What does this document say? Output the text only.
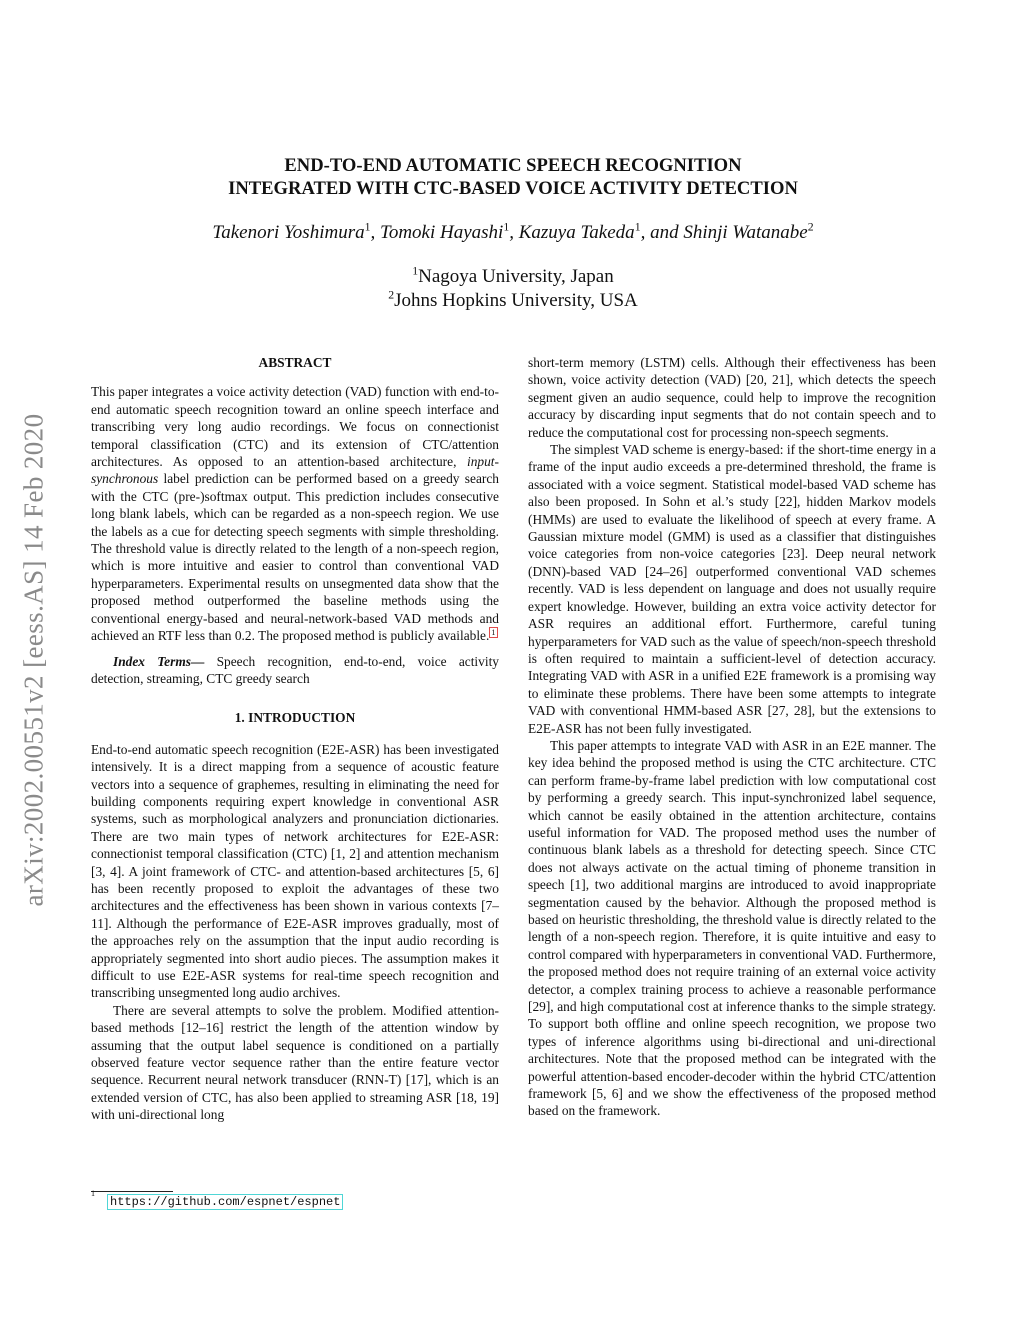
arXiv:2002.00551v2 [eess.AS] 14 Feb 2020
END-TO-END AUTOMATIC SPEECH RECOGNITION
INTEGRATED WITH CTC-BASED VOICE ACTIVITY DETECTION
Takenori Yoshimura$^1$, Tomoki Hayashi$^1$, Kazuya Takeda$^1$, and Shinji Watanabe$^2$
$^1$Nagoya University, Japan
$^2$Johns Hopkins University, USA
ABSTRACT

This paper integrates a voice activity detection (VAD) function with end-to-end automatic speech recognition toward an online speech interface and transcribing very long audio recordings. We focus on connectionist temporal classification (CTC) and its extension of CTC/attention architectures. As opposed to an attention-based architecture, input-synchronous label prediction can be performed based on a greedy search with the CTC (pre-)softmax output. This prediction includes consecutive long blank labels, which can be regarded as a non-speech region. We use the labels as a cue for detecting speech segments with simple thresholding. The threshold value is directly related to the length of a non-speech region, which is more intuitive and easier to control than conventional VAD hyperparameters. Experimental results on unsegmented data show that the proposed method outperformed the baseline methods using the conventional energy-based and neural-network-based VAD methods and achieved an RTF less than 0.2. The proposed method is publicly available. $^1$

Index Terms— Speech recognition, end-to-end, voice activity detection, streaming, CTC greedy search

1. INTRODUCTION

End-to-end automatic speech recognition (E2E-ASR) has been investigated intensively. It is a direct mapping from a sequence of acoustic feature vectors into a sequence of graphemes, resulting in eliminating the need for building components requiring expert knowledge in conventional ASR systems, such as morphological analyzers and pronunciation dictionaries. There are two main types of network architectures for E2E-ASR: connectionist temporal classification (CTC) [1, 2] and attention mechanism [3, 4]. A joint framework of CTC- and attention-based architectures [5, 6] has been recently proposed to exploit the advantages of these two architectures and the effectiveness has been shown in various contexts [7–11]. Although the performance of E2E-ASR improves gradually, most of the approaches rely on the assumption that the input audio recording is appropriately segmented into short audio pieces. The assumption makes it difficult to use E2E-ASR systems for real-time speech recognition and transcribing unsegmented long audio archives.

There are several attempts to solve the problem. Modified attention-based methods [12–16] restrict the length of the attention window by assuming that the output label sequence is conditioned on a partially observed feature vector sequence rather than the entire feature vector sequence. Recurrent neural network transducer (RNN-T) [17], which is an extended version of CTC, has also been applied to streaming ASR [18, 19] with uni-directional long

short-term memory (LSTM) cells. Although their effectiveness has been shown, voice activity detection (VAD) [20, 21], which detects the speech segment given an audio sequence, could help to improve the recognition accuracy by discarding input segments that do not contain speech and to reduce the computational cost for processing non-speech segments.

The simplest VAD scheme is energy-based: if the short-time energy in a frame of the input audio exceeds a pre-determined threshold, the frame is associated with a voice segment. Statistical model-based VAD scheme has also been proposed. In Sohn et al.’s study [22], hidden Markov models (HMMs) are used to evaluate the likelihood of speech at every frame. A Gaussian mixture model (GMM) is used as a classifier that distinguishes voice categories from non-voice categories [23]. Deep neural network (DNN)-based VAD [24–26] outperformed conventional VAD schemes recently. VAD is less dependent on language and does not usually require expert knowledge. However, building an extra voice activity detector for ASR requires an additional effort. Furthermore, careful tuning hyperparameters for VAD such as the value of speech/non-speech threshold is often required to maintain a sufficient-level of detection accuracy. Integrating VAD with ASR in a unified E2E framework is a promising way to eliminate these problems. There have been some attempts to integrate VAD with conventional HMM-based ASR [27, 28], but the extensions to E2E-ASR has not been fully investigated.

This paper attempts to integrate VAD with ASR in an E2E manner. The key idea behind the proposed method is using the CTC architecture. CTC can perform frame-by-frame label prediction with low computational cost by performing a greedy search. This input-synchronized label sequence, which cannot be easily obtained in the attention architecture, contains useful information for VAD. The proposed method uses the number of continuous blank labels as a threshold for detecting speech. Since CTC does not always activate on the actual timing of phoneme transition in speech [1], two additional margins are introduced to avoid inappropriate segmentation caused by the behavior. Although the proposed method is based on heuristic thresholding, the threshold value is directly related to the length of a non-speech region. Therefore, it is quite intuitive and easy to control compared with hyperparameters in conventional VAD. Furthermore, the proposed method does not require training of an external voice activity detector, a complex training process to achieve a reasonable performance [29], and high computational cost at inference thanks to the simple strategy. To support both offline and online speech recognition, we propose two types of inference algorithms using bi-directional and uni-directional architectures. Note that the proposed method can be integrated with the powerful attention-based encoder-decoder within the hybrid CTC/attention framework [5, 6] and we show the effectiveness of the proposed method based on the framework.

1
https://github.com/espnet/espnet
